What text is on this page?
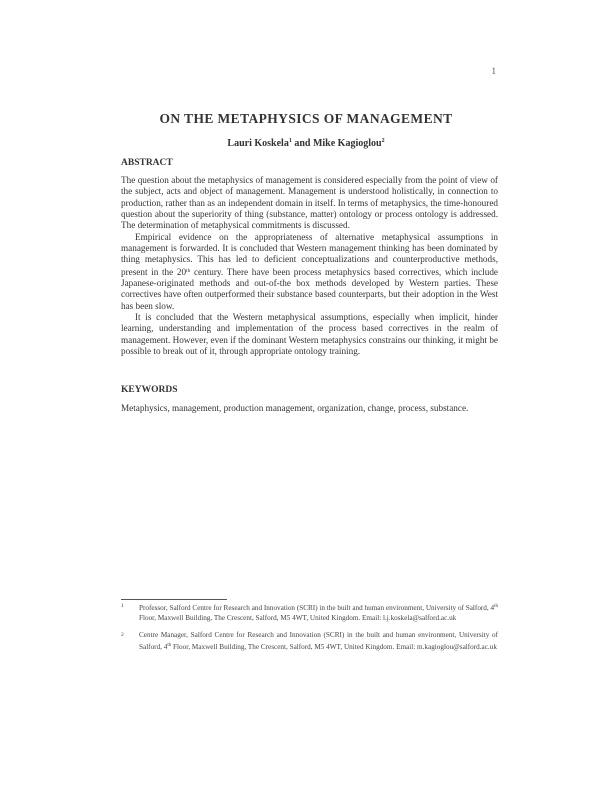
1
ON THE METAPHYSICS OF MANAGEMENT
Lauri Koskela$^1$ and Mike Kagioglou$^2$
ABSTRACT

The question about the metaphysics of management is considered especially from the point of view of the subject, acts and object of management. Management is understood holistically, in connection to production, rather than as an independent domain in itself. In terms of metaphysics, the time-honoured question about the superiority of thing (substance, matter) ontology or process ontology is addressed. The determination of metaphysical commitments is discussed.

Empirical evidence on the appropriateness of alternative metaphysical assumptions in management is forwarded. It is concluded that Western management thinking has been dominated by thing metaphysics. This has led to deficient conceptualizations and counterproductive methods, present in the 20th century. There have been process metaphysics based correctives, which include Japanese-originated methods and out-of-the box methods developed by Western parties. These correctives have often outperformed their substance based counterparts, but their adoption in the West has been slow.

It is concluded that the Western metaphysical assumptions, especially when implicit, hinder learning, understanding and implementation of the process based correctives in the realm of management. However, even if the dominant Western metaphysics constrains our thinking, it might be possible to break out of it, through appropriate ontology training.

KEYWORDS
Metaphysics, management, production management, organization, change, process, substance.
1 Professor, Salford Centre for Research and Innovation (SCRI) in the built and human environment, University of Salford, 4th Floor, Maxwell Building, The Crescent, Salford, M5 4WT, United Kingdom. Email: l.j.koskela@salford.ac.uk
2 Centre Manager, Salford Centre for Research and Innovation (SCRI) in the built and human environment, University of Salford, 4th Floor, Maxwell Building, The Crescent, Salford, M5 4WT, United Kingdom. Email: m.kagioglou@salford.ac.uk
